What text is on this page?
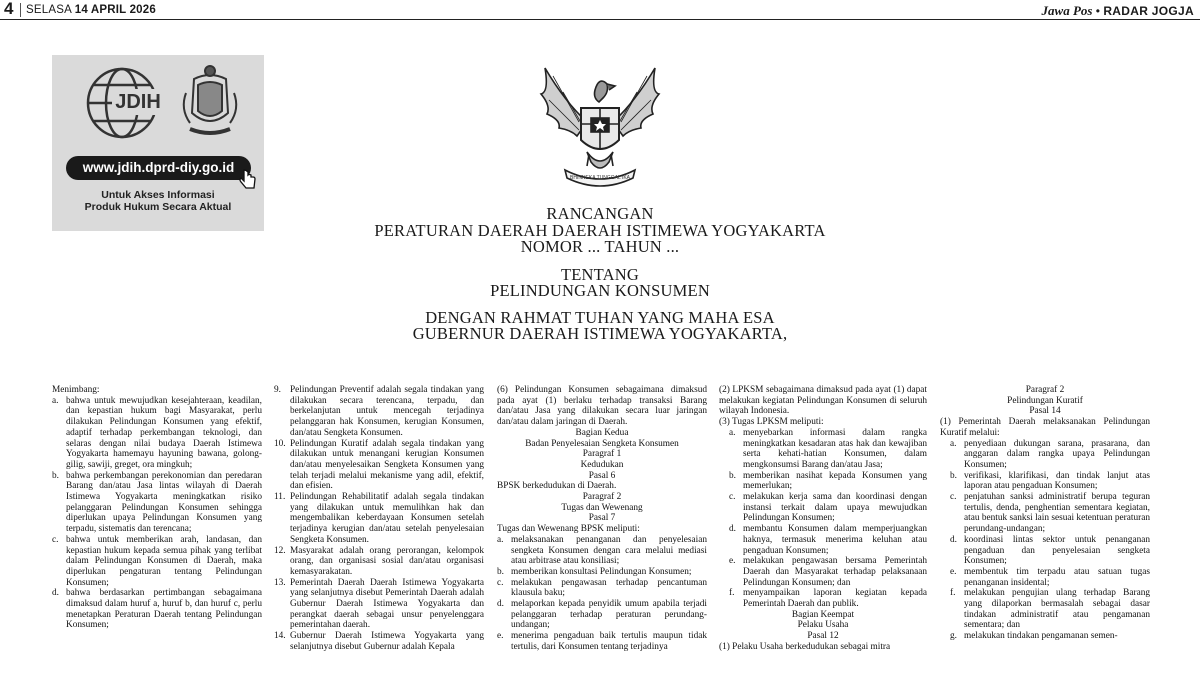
4 SELASA 14 APRIL 2026	Jawa Pos • RADAR JOGJA
JDIH
www.jdih.dprd-diy.go.id
Untuk Akses Informasi
Produk Hukum Secara Aktual
BHINNEKA TUNGGAL IKA
RANCANGAN
PERATURAN DAERAH DAERAH ISTIMEWA YOGYAKARTA
NOMOR ... TAHUN ...
TENTANG
PELINDUNGAN KONSUMEN
DENGAN RAHMAT TUHAN YANG MAHA ESA
GUBERNUR DAERAH ISTIMEWA YOGYAKARTA,

Menimbang:

a. bahwa untuk mewujudkan kesejahteraan, keadilan, dan kepastian hukum bagi Masyarakat, perlu dilakukan Pelindungan Konsumen yang efektif, adaptif terhadap perkembangan teknologi, dan selaras dengan nilai budaya Daerah Istimewa Yogyakarta hamemayu hayuning bawana, golong-gilig, sawiji, greget, ora mingkuh;
b. bahwa perkembangan perekonomian dan peredaran Barang dan/atau Jasa lintas wilayah di Daerah Istimewa Yogyakarta meningkatkan risiko pelanggaran Pelindungan Konsumen sehingga diperlukan upaya Pelindungan Konsumen yang terpadu, sistematis dan terencana;
c. bahwa untuk memberikan arah, landasan, dan kepastian hukum kepada semua pihak yang terlibat dalam Pelindungan Konsumen di Daerah, maka diperlukan pengaturan tentang Pelindungan Konsumen;
d. bahwa berdasarkan pertimbangan sebagaimana dimaksud dalam huruf a, huruf b, dan huruf c, perlu menetapkan Peraturan Daerah tentang Pelindungan Konsumen;
9. Pelindungan Preventif adalah segala tindakan yang dilakukan secara terencana, terpadu, dan berkelanjutan untuk mencegah terjadinya pelanggaran hak Konsumen, kerugian Konsumen, dan/atau Sengketa Konsumen.
10. Pelindungan Kuratif adalah segala tindakan yang dilakukan untuk menangani kerugian Konsumen dan/atau menyelesaikan Sengketa Konsumen yang telah terjadi melalui mekanisme yang adil, efektif, dan efisien.
11. Pelindungan Rehabilitatif adalah segala tindakan yang dilakukan untuk memulihkan hak dan mengembalikan keberdayaan Konsumen setelah terjadinya kerugian dan/atau setelah penyelesaian Sengketa Konsumen.
12. Masyarakat adalah orang perorangan, kelompok orang, dan organisasi sosial dan/atau organisasi kemasyarakatan.
13. Pemerintah Daerah Daerah Istimewa Yogyakarta yang selanjutnya disebut Pemerintah Daerah adalah Gubernur Daerah Istimewa Yogyakarta dan perangkat daerah sebagai unsur penyelenggara pemerintahan daerah.
14. Gubernur Daerah Istimewa Yogyakarta yang selanjutnya disebut Gubernur adalah Kepala

(6) Pelindungan Konsumen sebagaimana dimaksud pada ayat (1) berlaku terhadap transaksi Barang dan/atau Jasa yang dilakukan secara luar jaringan dan/atau dalam jaringan di Daerah.

Bagian Kedua

Badan Penyelesaian Sengketa Konsumen

Paragraf 1

Kedudukan

Pasal 6

BPSK berkedudukan di Daerah.

Paragraf 2

Tugas dan Wewenang

Pasal 7

Tugas dan Wewenang BPSK meliputi:

a. melaksanakan penanganan dan penyelesaian sengketa Konsumen dengan cara melalui mediasi atau arbitrase atau konsiliasi;
b. memberikan konsultasi Pelindungan Konsumen;
c. melakukan pengawasan terhadap pencantuman klausula baku;
d. melaporkan kepada penyidik umum apabila terjadi pelanggaran terhadap peraturan perundang-undangan;
e. menerima pengaduan baik tertulis maupun tidak tertulis, dari Konsumen tentang terjadinya

(2) LPKSM sebagaimana dimaksud pada ayat (1) dapat melakukan kegiatan Pelindungan Konsumen di seluruh wilayah Indonesia.

(3) Tugas LPKSM meliputi:

a. menyebarkan informasi dalam rangka meningkatkan kesadaran atas hak dan kewajiban serta kehati-hatian Konsumen, dalam mengkonsumsi Barang dan/atau Jasa;
b. memberikan nasihat kepada Konsumen yang memerlukan;
c. melakukan kerja sama dan koordinasi dengan instansi terkait dalam upaya mewujudkan Pelindungan Konsumen;
d. membantu Konsumen dalam memperjuangkan haknya, termasuk menerima keluhan atau pengaduan Konsumen;
e. melakukan pengawasan bersama Pemerintah Daerah dan Masyarakat terhadap pelaksanaan Pelindungan Konsumen; dan
f. menyampaikan laporan kegiatan kepada Pemerintah Daerah dan publik.

Bagian Keempat

Pelaku Usaha

Pasal 12

(1) Pelaku Usaha berkedudukan sebagai mitra

Paragraf 2

Pelindungan Kuratif

Pasal 14

(1) Pemerintah Daerah melaksanakan Pelindungan Kuratif melalui:

a. penyediaan dukungan sarana, prasarana, dan anggaran dalam rangka upaya Pelindungan Konsumen;
b. verifikasi, klarifikasi, dan tindak lanjut atas laporan atau pengaduan Konsumen;
c. penjatuhan sanksi administratif berupa teguran tertulis, denda, penghentian sementara kegiatan, atau bentuk sanksi lain sesuai ketentuan peraturan perundang-undangan;
d. koordinasi lintas sektor untuk penanganan pengaduan dan penyelesaian sengketa Konsumen;
e. membentuk tim terpadu atau satuan tugas penanganan insidental;
f. melakukan pengujian ulang terhadap Barang yang dilaporkan bermasalah sebagai dasar tindakan administratif atau pengamanan sementara; dan
g. melakukan tindakan pengamanan semen-
